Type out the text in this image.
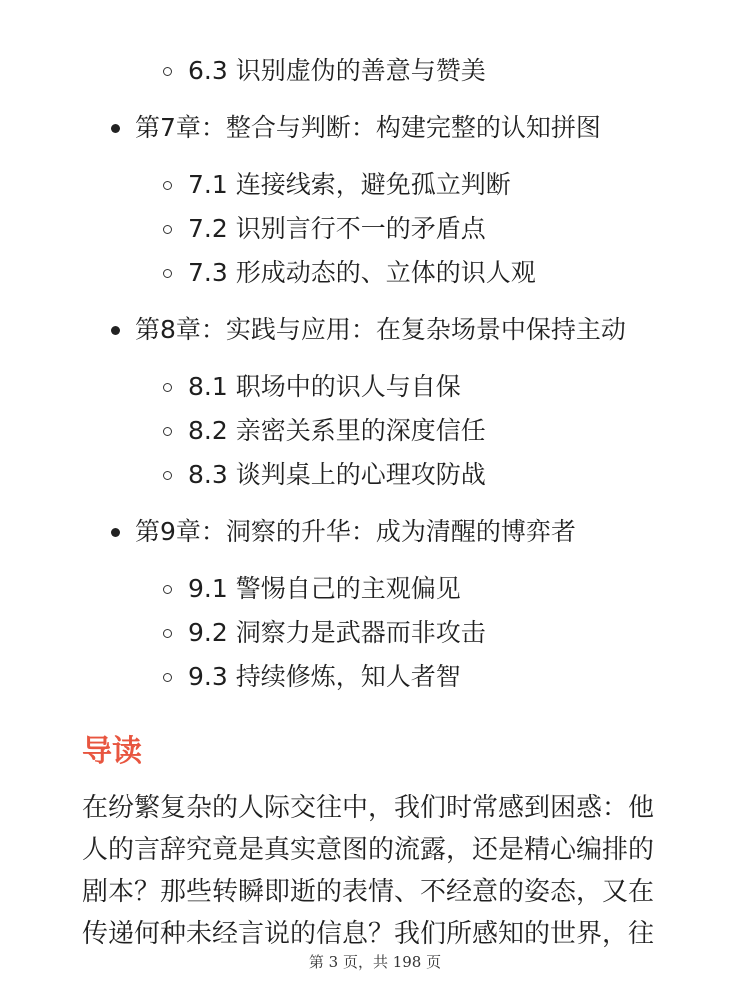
6.3 识别虚伪的善意与赞美
第7章：整合与判断：构建完整的认知拼图
7.1 连接线索，避免孤立判断
7.2 识别言行不一的矛盾点
7.3 形成动态的、立体的识人观
第8章：实践与应用：在复杂场景中保持主动
8.1 职场中的识人与自保
8.2 亲密关系里的深度信任
8.3 谈判桌上的心理攻防战
第9章：洞察的升华：成为清醒的博弈者
9.1 警惕自己的主观偏见
9.2 洞察力是武器而非攻击
9.3 持续修炼，知人者智
导读
在纷繁复杂的人际交往中，我们时常感到困惑：他
人的言辞究竟是真实意图的流露，还是精心编排的
剧本？那些转瞬即逝的表情、不经意的姿态，又在
传递何种未经言说的信息？我们所感知的世界，往
第 3 页，共 198 页
